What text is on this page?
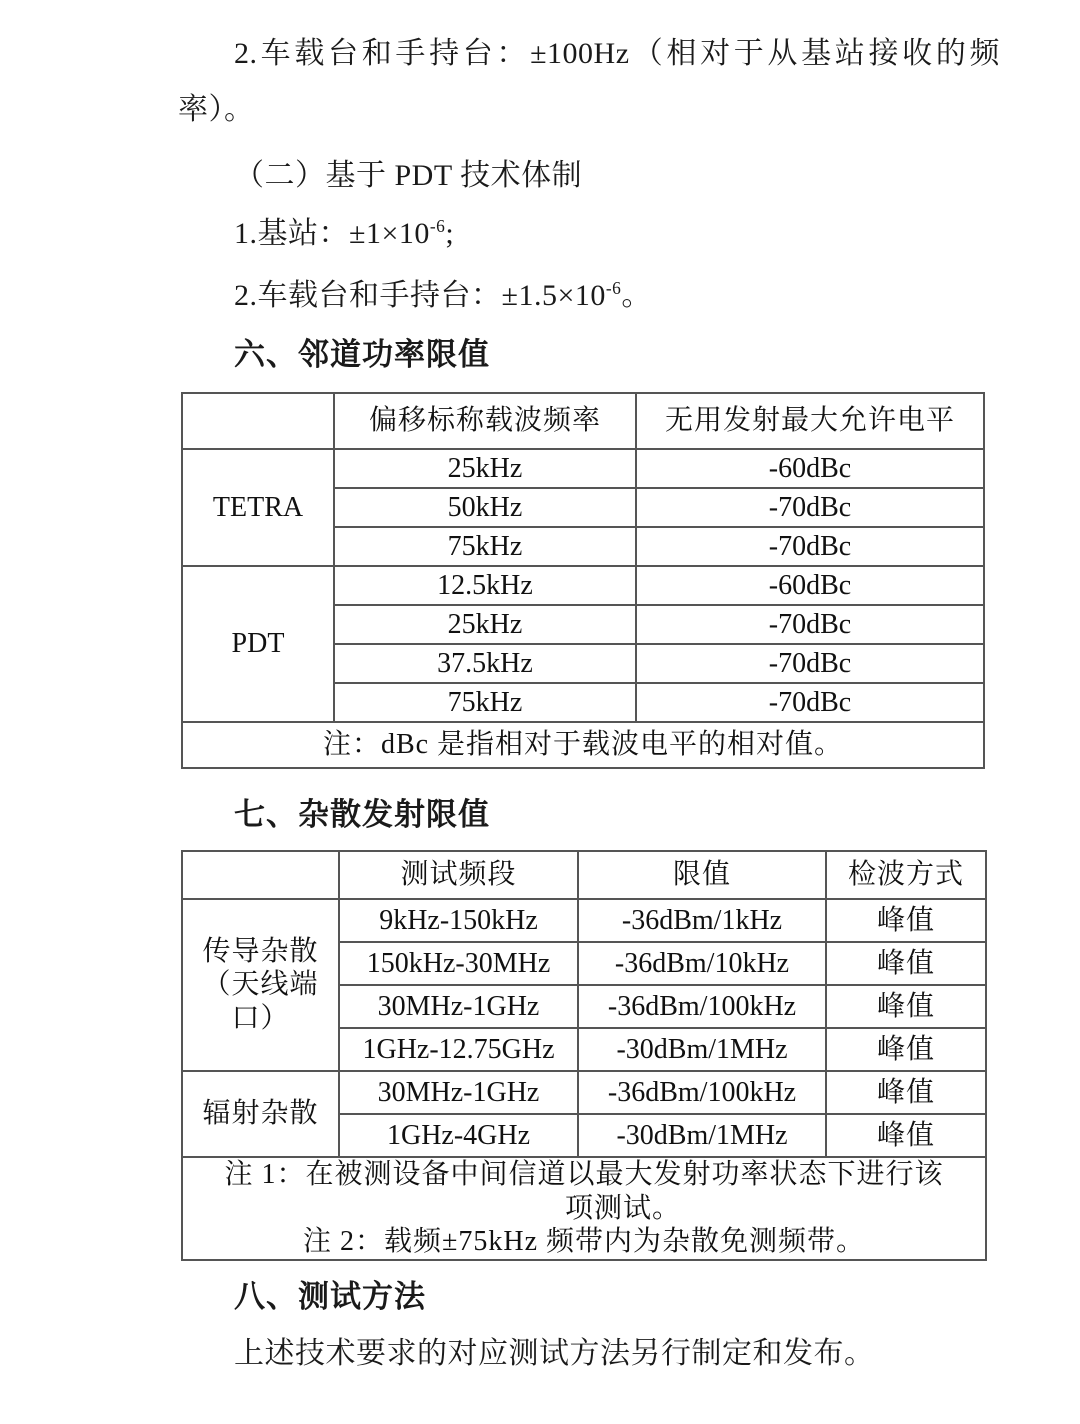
2.车载台和手持台：±100Hz（相对于从基站接收的频率）。

（二）基于 PDT 技术体制

1.基站：$\pm 1\times 10^{-6}$;

2.车载台和手持台：$\pm 1.5\times 10^{-6}$。

六、邻道功率限值
	偏移标称载波频率	无用发射最大允许电平
TETRA	25kHz	-60dBc
	50kHz	-70dBc
	75kHz	-70dBc
PDT	12.5kHz	-60dBc
	25kHz	-70dBc
	37.5kHz	-70dBc
	75kHz	-70dBc
注：dBc 是指相对于载波电平的相对值。		
七、杂散发射限值
	测试频段	限值	检波方式

传导杂散
（天线端
口）	9kHz-150kHz	-36dBm/1kHz	峰值
	150kHz-30MHz	-36dBm/10kHz	峰值
	30MHz-1GHz	-36dBm/100kHz	峰值
	1GHz-12.75GHz	-30dBm/1MHz	峰值
辐射杂散	30MHz-1GHz	-36dBm/100kHz	峰值
	1GHz-4GHz	-30dBm/1MHz	峰值

注 1：在被测设备中间信道以最大发射功率状态下进行该
项测试。
注 2：载频±75kHz 频带内为杂散免测频带。			
八、测试方法

上述技术要求的对应测试方法另行制定和发布。
